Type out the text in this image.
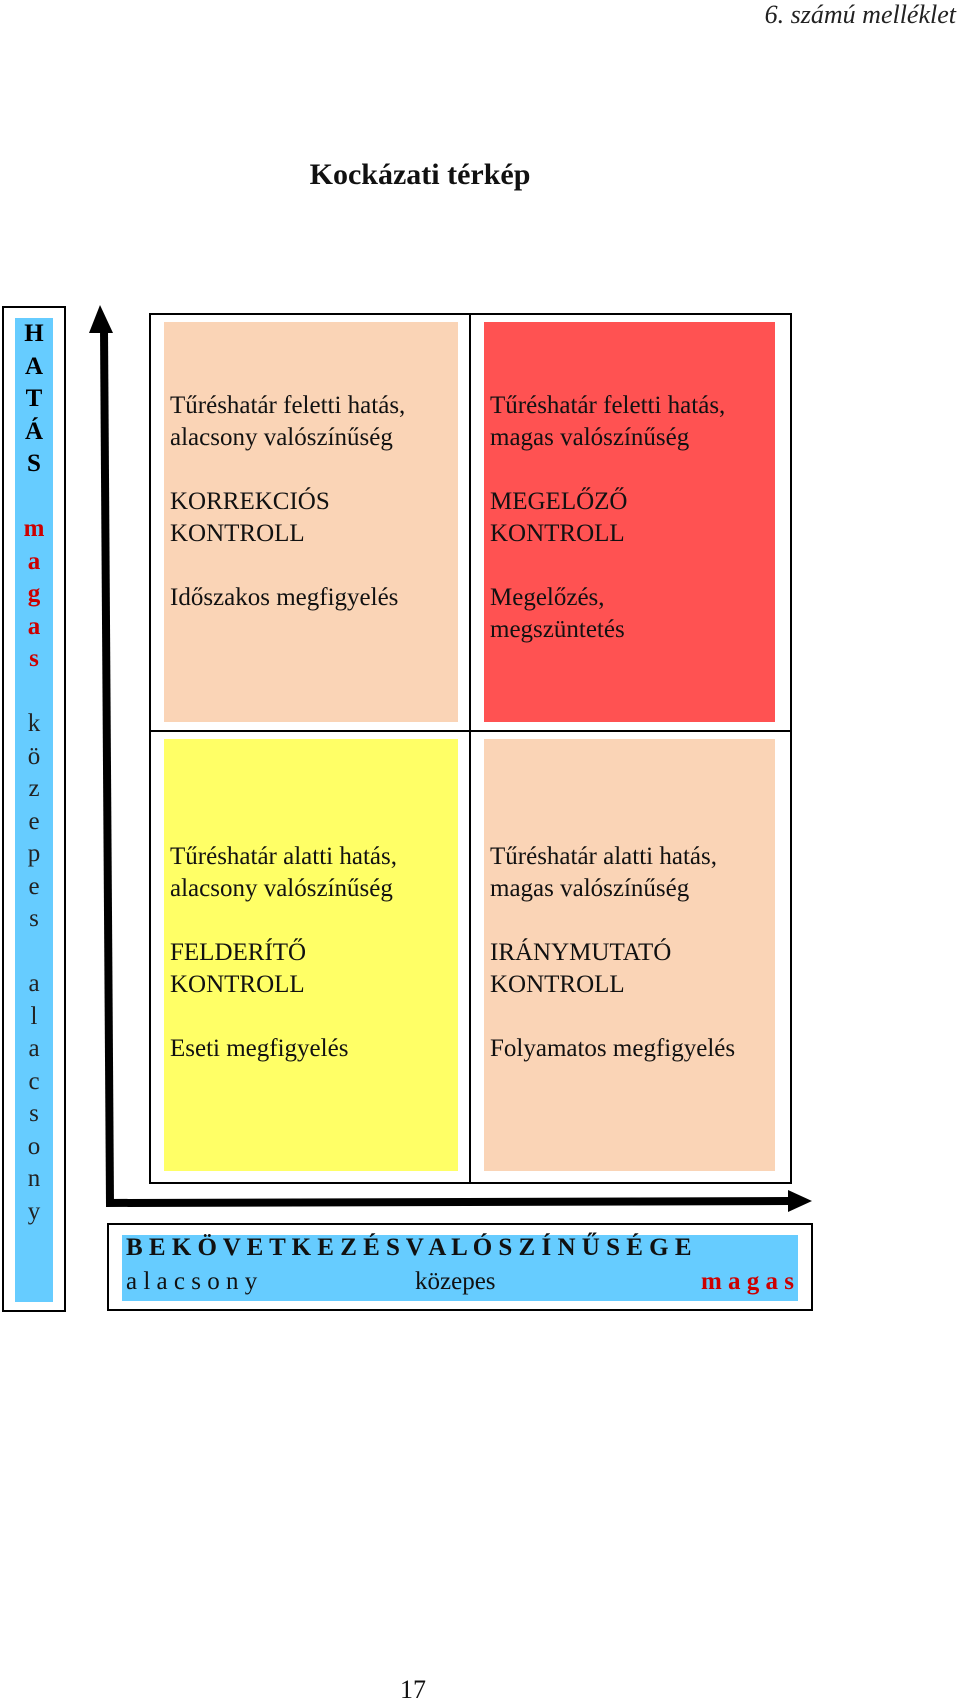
6. számú melléklet
Kockázati térkép
H
A
T
Á
S

m
a
g
a
s

k
ö
z
e
p
e
s

a
l
a
c
s
o
n
y

Tűréshatár feletti hatás,
alacsony valószínűség

KORREKCIÓS
KONTROLL

Időszakos megfigyelés

Tűréshatár feletti hatás,
magas valószínűség

MEGELŐZŐ
KONTROLL

Megelőzés,
megszüntetés

Tűréshatár alatti hatás,
alacsony valószínűség

FELDERÍTŐ
KONTROLL

Eseti megfigyelés

Tűréshatár alatti hatás,
magas valószínűség

IRÁNYMUTATÓ
KONTROLL

Folyamatos megfigyelés

B E K Ö V E T K E Z É S V A L Ó S Z Í N Ű S É G E
a l a c s o n y	közepes	m a g a s
17
